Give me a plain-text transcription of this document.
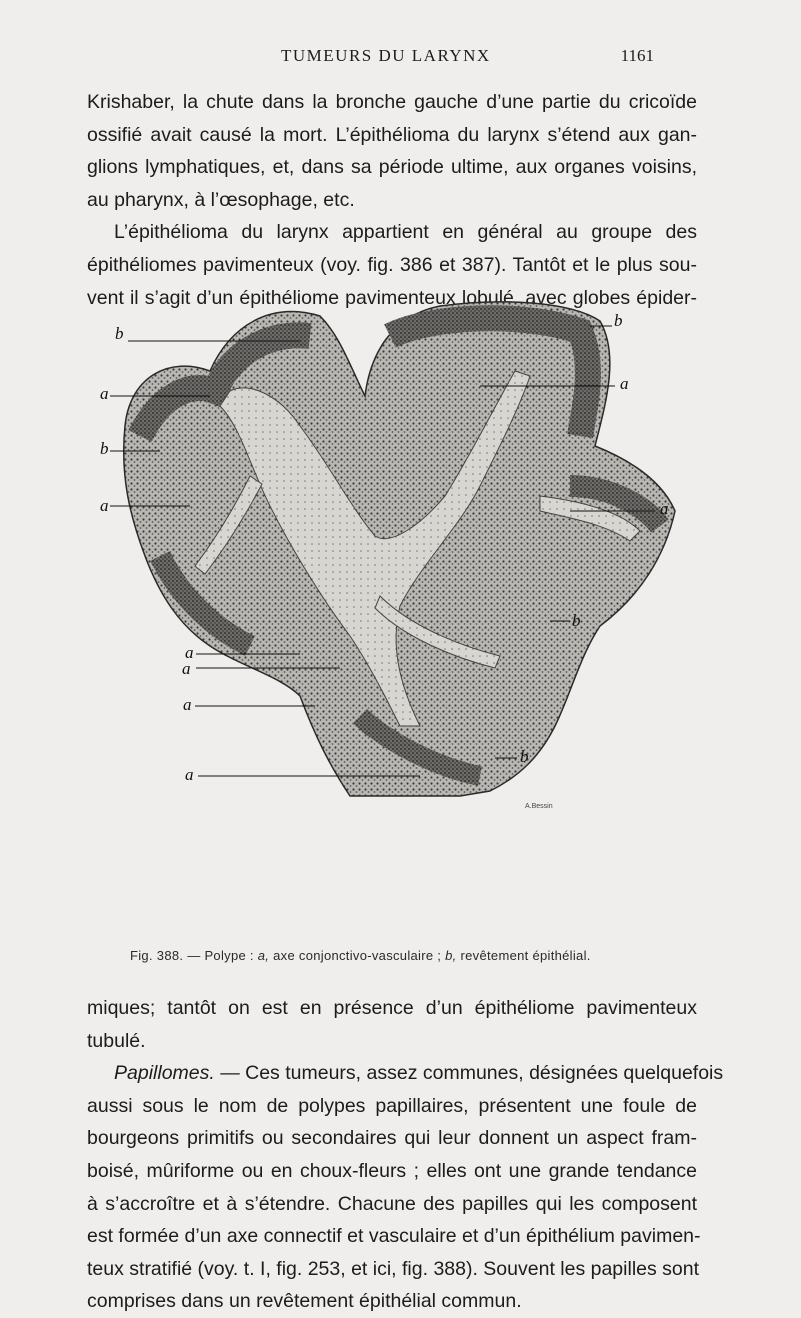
TUMEURS DU LARYNX	1161

Krishaber, la chute dans la bronche gauche d’une partie du cricoïde
ossifié avait causé la mort. L’épithélioma du larynx s’étend aux gan-
glions lymphatiques, et, dans sa période ultime, aux organes voisins,
au pharynx, à l’œsophage, etc.

L’épithélioma du larynx appartient en général au groupe des
épithéliomes pavimenteux (voy. fig. 386 et 387). Tantôt et le plus sou-
vent il s’agit d’un épithéliome pavimenteux lobulé, avec globes épider-

b
b
a
a
b
a	a
b
a
a
a
b
a
A.Bessin
Fig. 388. — Polype : a, axe conjonctivo-vasculaire ; b, revêtement épithélial.

miques; tantôt on est en présence d’un épithéliome pavimenteux
tubulé.

Papillomes. — Ces tumeurs, assez communes, désignées quelquefois
aussi sous le nom de polypes papillaires, présentent une foule de
bourgeons primitifs ou secondaires qui leur donnent un aspect fram-
boisé, mûriforme ou en choux-fleurs ; elles ont une grande tendance
à s’accroître et à s’étendre. Chacune des papilles qui les composent
est formée d’un axe connectif et vasculaire et d’un épithélium pavimen-
teux stratifié (voy. t. I, fig. 253, et ici, fig. 388). Souvent les papilles sont
comprises dans un revêtement épithélial commun.
